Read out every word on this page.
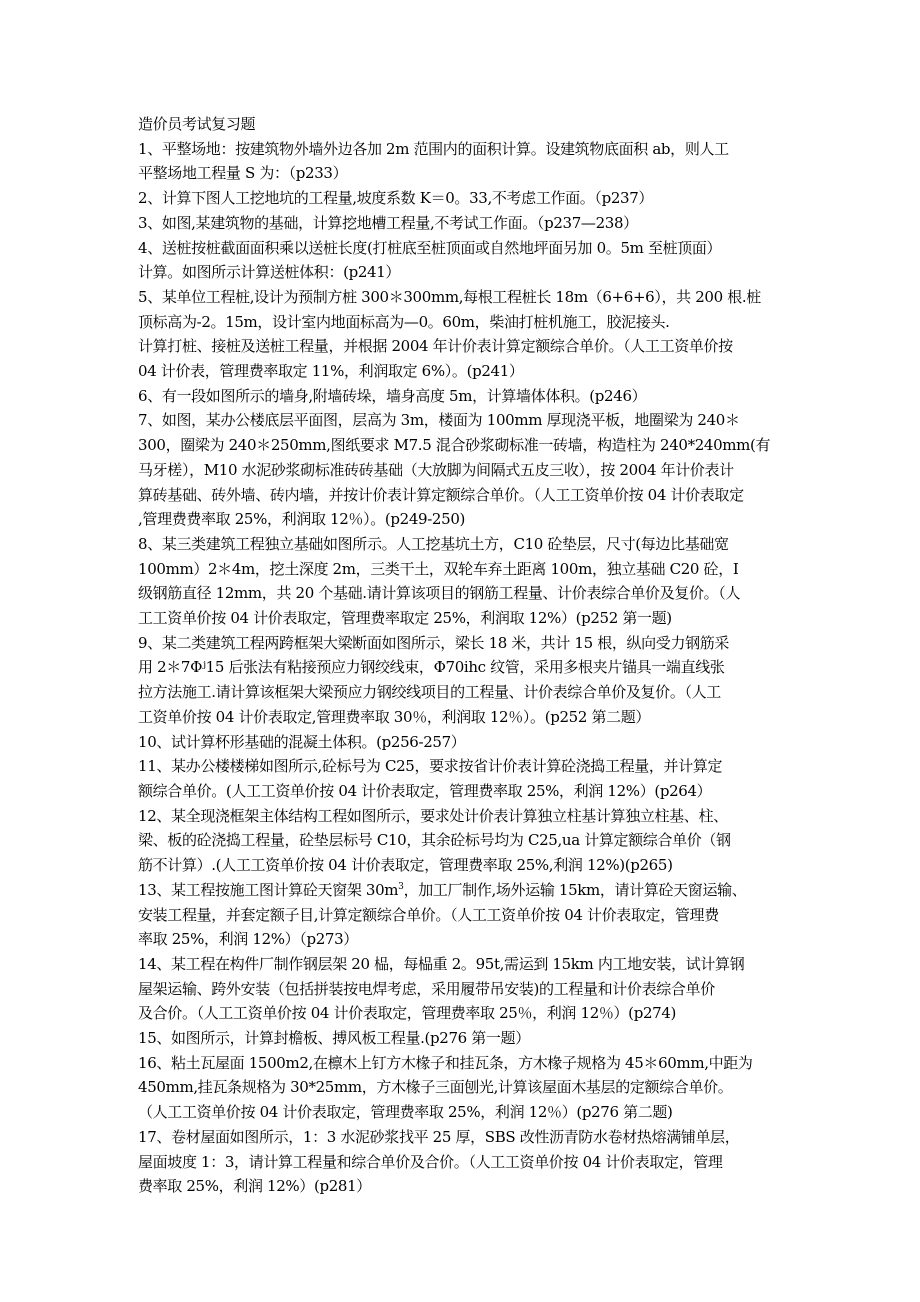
造价员考试复习题
1、平整场地：按建筑物外墙外边各加 2m 范围内的面积计算。设建筑物底面积 ab，则人工
平整场地工程量 S 为：（p233）
2、计算下图人工挖地坑的工程量,坡度系数 K＝0。33,不考虑工作面。（p237）
3、如图,某建筑物的基础，计算挖地槽工程量,不考试工作面。（p237—238）
4、送桩按桩截面面积乘以送桩长度(打桩底至桩顶面或自然地坪面另加 0。5m 至桩顶面）
计算。如图所示计算送桩体积：(p241）
5、某单位工程桩,设计为预制方桩 300＊300mm,每根工程桩长 18m（6+6+6），共 200 根.桩
顶标高为-2。15m，设计室内地面标高为—0。60m，柴油打桩机施工，胶泥接头.
计算打桩、接桩及送桩工程量，并根据 2004 年计价表计算定额综合单价。（人工工资单价按
04 计价表，管理费率取定 11%，利润取定 6%）。(p241）
6、有一段如图所示的墙身,附墙砖垛，墙身高度 5m，计算墙体体积。(p246）
7、如图，某办公楼底层平面图，层高为 3m，楼面为 100mm 厚现浇平板，地圈梁为 240＊
300，圈梁为 240＊250mm,图纸要求 M7.5 混合砂浆砌标准一砖墙，构造柱为 240*240mm(有
马牙槎），M10 水泥砂浆砌标准砖砖基础（大放脚为间隔式五皮三收），按 2004 年计价表计
算砖基础、砖外墙、砖内墙，并按计价表计算定额综合单价。（人工工资单价按 04 计价表取定
,管理费费率取 25%，利润取 12％）。(p249-250)
8、某三类建筑工程独立基础如图所示。人工挖基坑土方，C10 砼垫层，尺寸(每边比基础宽
100mm）2＊4m，挖土深度 2m，三类干土，双轮车弃土距离 100m，独立基础 C20 砼，Ⅰ
级钢筋直径 12mm，共 20 个基础.请计算该项目的钢筋工程量、计价表综合单价及复价。（人
工工资单价按 04 计价表取定，管理费率取定 25%，利润取 12%）(p252 第一题)
9、某二类建筑工程两跨框架大梁断面如图所示，梁长 18 米，共计 15 根，纵向受力钢筋采
用 2＊7Φʲ15 后张法有粘接预应力钢绞线束，Φ70ihc 纹管，采用多根夹片锚具一端直线张
拉方法施工.请计算该框架大梁预应力钢绞线项目的工程量、计价表综合单价及复价。（人工
工资单价按 04 计价表取定,管理费率取 30％，利润取 12％）。(p252 第二题）
10、试计算杯形基础的混凝土体积。(p256-257）
11、某办公楼楼梯如图所示,砼标号为 C25，要求按省计价表计算砼浇捣工程量，并计算定
额综合单价。(人工工资单价按 04 计价表取定，管理费率取 25%，利润 12%）(p264）
12、某全现浇框架主体结构工程如图所示，要求处计价表计算独立柱基计算独立柱基、柱、
梁、板的砼浇捣工程量，砼垫层标号 C10，其余砼标号均为 C25,ua 计算定额综合单价（钢
筋不计算）.(人工工资单价按 04 计价表取定，管理费率取 25%,利润 12%)(p265)
13、某工程按施工图计算砼天窗架 $30m^3$，加工厂制作,场外运输 15km，请计算砼天窗运输、
安装工程量，并套定额子目,计算定额综合单价。（人工工资单价按 04 计价表取定，管理费
率取 25%，利润 12%）（p273）
14、某工程在构件厂制作钢层架 20 榀，每榀重 2。95t,需运到 15km 内工地安装，试计算钢
屋架运输、跨外安装（包括拼装按电焊考虑，采用履带吊安装)的工程量和计价表综合单价
及合价。（人工工资单价按 04 计价表取定，管理费率取 25％，利润 12％）(p274)
15、如图所示，计算封檐板、搏风板工程量.(p276 第一题）
16、粘土瓦屋面 1500m2,在檩木上钉方木椽子和挂瓦条，方木椽子规格为 45＊60mm,中距为
450mm,挂瓦条规格为 30*25mm，方木椽子三面刨光,计算该屋面木基层的定额综合单价。
（人工工资单价按 04 计价表取定，管理费率取 25%，利润 12％）(p276 第二题)
17、卷材屋面如图所示，1：3 水泥砂浆找平 25 厚，SBS 改性沥青防水卷材热熔满铺单层，
屋面坡度 1：3，请计算工程量和综合单价及合价。（人工工资单价按 04 计价表取定，管理
费率取 25%，利润 12%）(p281）
